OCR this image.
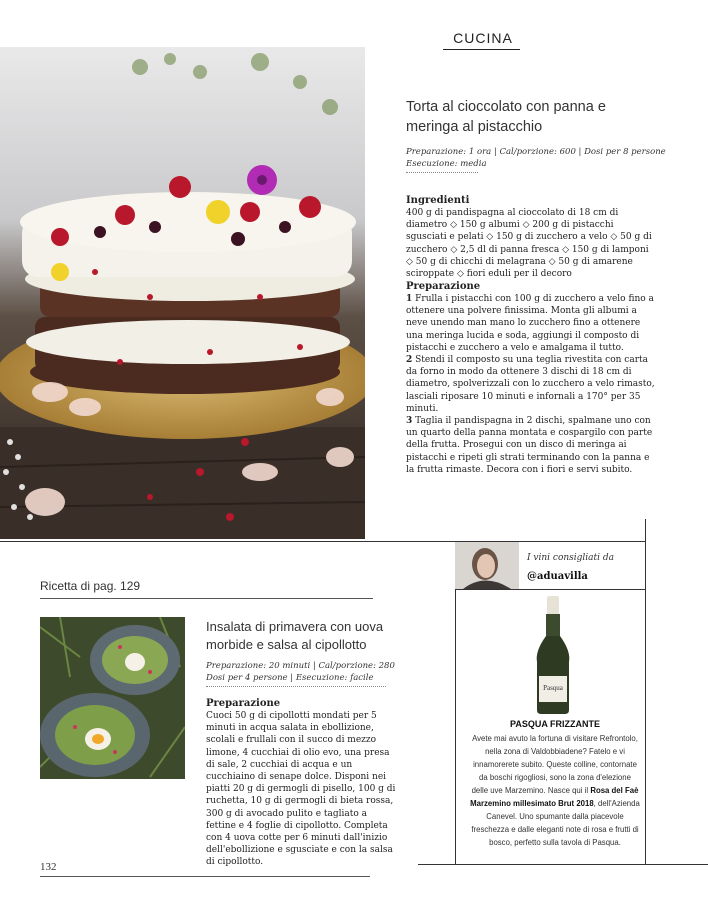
CUCINA
Torta al cioccolato con panna e meringa al pistacchio
Preparazione: 1 ora | Cal/porzione: 600 | Dosi per 8 persone
Esecuzione: media
Ingredienti
400 g di pandispagna al cioccolato di 18 cm di diametro ◇ 150 g albumi ◇ 200 g di pistacchi sgusciati e pelati ◇ 150 g di zucchero a velo ◇ 50 g di zucchero ◇ 2,5 dl di panna fresca ◇ 150 g di lamponi ◇ 50 g di chicchi di melagrana ◇ 50 g di amarene sciroppate ◇ fiori eduli per il decoro
Preparazione
1 Frulla i pistacchi con 100 g di zucchero a velo fino a ottenere una polvere finissima. Monta gli albumi a neve unendo man mano lo zucchero fino a ottenere una meringa lucida e soda, aggiungi il composto di pistacchi e zucchero a velo e amalgama il tutto.
2 Stendi il composto su una teglia rivestita con carta da forno in modo da ottenere 3 dischi di 18 cm di diametro, spolverizzali con lo zucchero a velo rimasto, lasciali riposare 10 minuti e infornali a 170° per 35 minuti.
3 Taglia il pandispagna in 2 dischi, spalmane uno con un quarto della panna montata e cospargilo con parte della frutta. Prosegui con un disco di meringa ai pistacchi e ripeti gli strati terminando con la panna e la frutta rimaste. Decora con i fiori e servi subito.
Ricetta di pag. 129
Insalata di primavera con uova morbide e salsa al cipollotto
Preparazione: 20 minuti | Cal/porzione: 280
Dosi per 4 persone | Esecuzione: facile
Preparazione
Cuoci 50 g di cipollotti mondati per 5 minuti in acqua salata in ebollizione, scolali e frullali con il succo di mezzo limone, 4 cucchiai di olio evo, una presa di sale, 2 cucchiai di acqua e un cucchiaino di senape dolce. Disponi nei piatti 20 g di germogli di pisello, 100 g di ruchetta, 10 g di germogli di bieta rossa, 300 g di avocado pulito e tagliato a fettine e 4 foglie di cipollotto. Completa con 4 uova cotte per 6 minuti dall'inizio dell'ebollizione e sgusciate e con la salsa di cipollotto.
I vini consigliati da
@aduavilla
Pasqua
PASQUA FRIZZANTE
Avete mai avuto la fortuna di visitare Refrontolo, nella zona di Valdobbiadene? Fatelo e vi innamorerete subito. Queste colline, contornate da boschi rigogliosi, sono la zona d'elezione delle uve Marzemino. Nasce qui il Rosa del Faè Marzemino millesimato Brut 2018, dell'Azienda Canevel. Uno spumante dalla piacevole freschezza e dalle eleganti note di rosa e frutti di bosco, perfetto sulla tavola di Pasqua.
132
